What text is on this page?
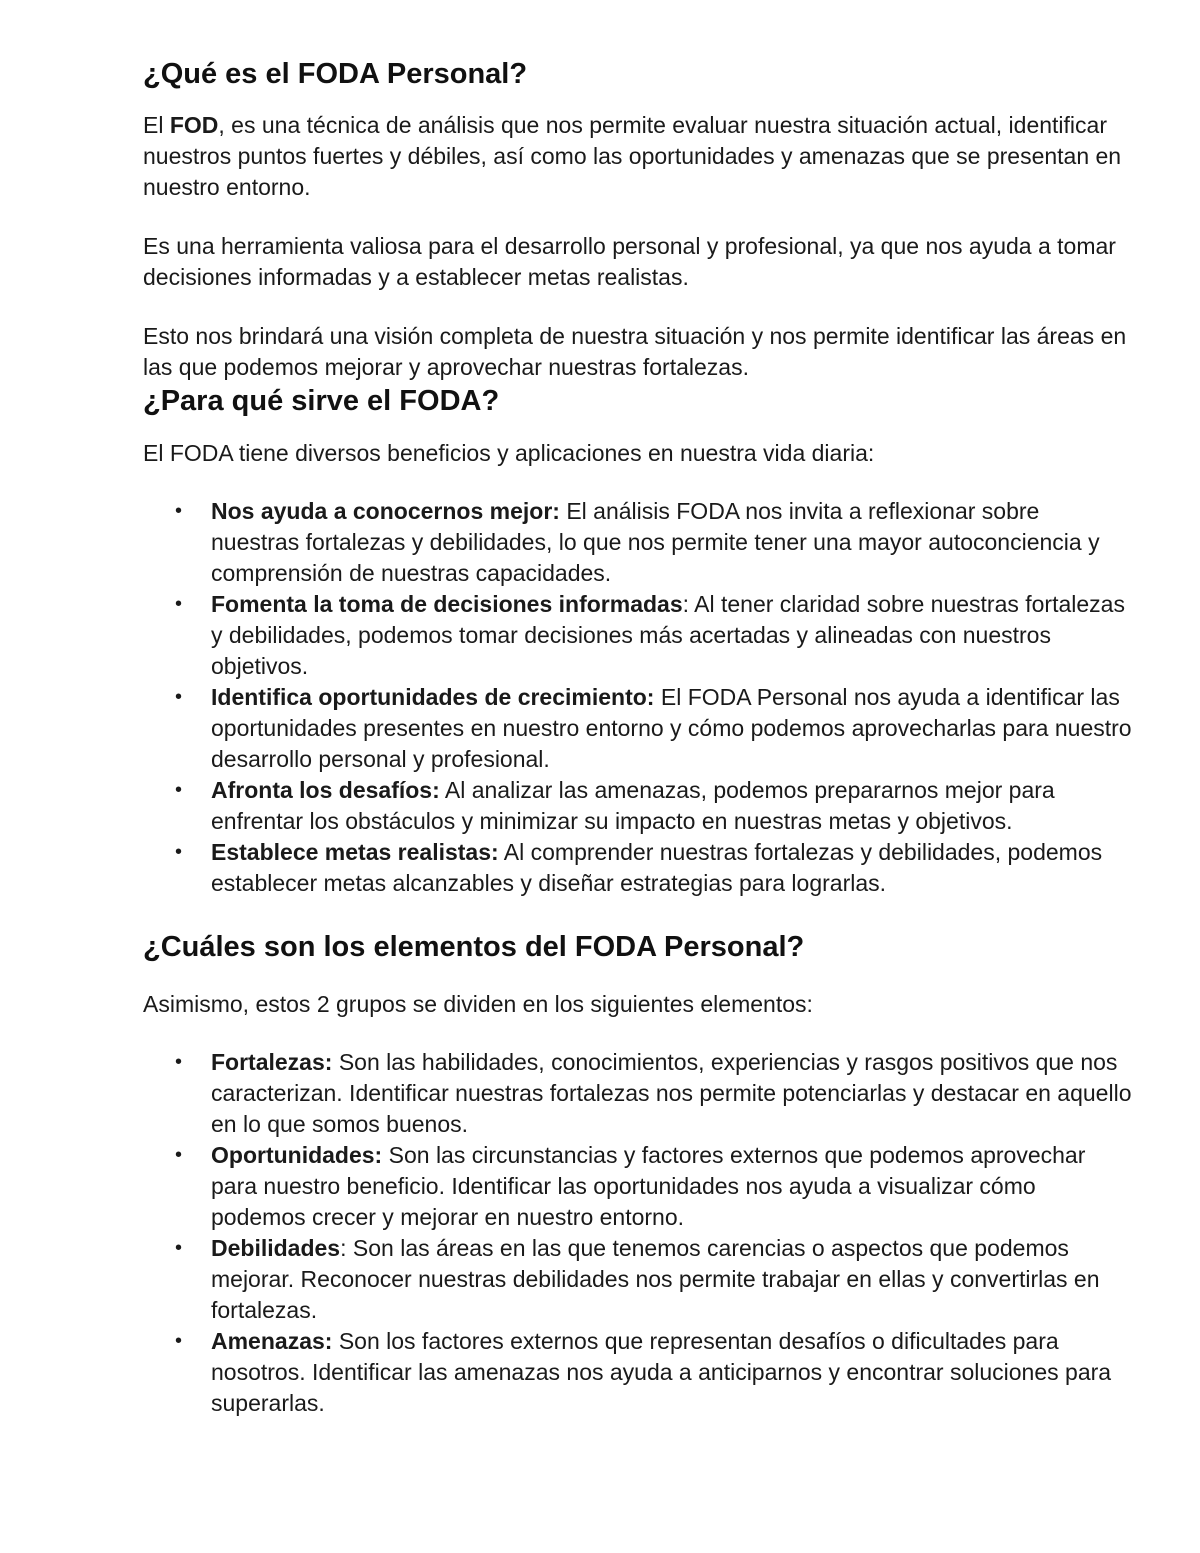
¿Qué es el FODA Personal?

El FOD, es una técnica de análisis que nos permite evaluar nuestra situación actual, identificar nuestros puntos fuertes y débiles, así como las oportunidades y amenazas que se presentan en nuestro entorno.

Es una herramienta valiosa para el desarrollo personal y profesional, ya que nos ayuda a tomar decisiones informadas y a establecer metas realistas.

Esto nos brindará una visión completa de nuestra situación y nos permite identificar las áreas en las que podemos mejorar y aprovechar nuestras fortalezas.

¿Para qué sirve el FODA?

El FODA tiene diversos beneficios y aplicaciones en nuestra vida diaria:

• Nos ayuda a conocernos mejor: El análisis FODA nos invita a reflexionar sobre nuestras fortalezas y debilidades, lo que nos permite tener una mayor autoconciencia y comprensión de nuestras capacidades.
• Fomenta la toma de decisiones informadas: Al tener claridad sobre nuestras fortalezas y debilidades, podemos tomar decisiones más acertadas y alineadas con nuestros objetivos.
• Identifica oportunidades de crecimiento: El FODA Personal nos ayuda a identificar las oportunidades presentes en nuestro entorno y cómo podemos aprovecharlas para nuestro desarrollo personal y profesional.
• Afronta los desafíos: Al analizar las amenazas, podemos prepararnos mejor para enfrentar los obstáculos y minimizar su impacto en nuestras metas y objetivos.
• Establece metas realistas: Al comprender nuestras fortalezas y debilidades, podemos establecer metas alcanzables y diseñar estrategias para lograrlas.
¿Cuáles son los elementos del FODA Personal?

Asimismo, estos 2 grupos se dividen en los siguientes elementos:

• Fortalezas: Son las habilidades, conocimientos, experiencias y rasgos positivos que nos caracterizan. Identificar nuestras fortalezas nos permite potenciarlas y destacar en aquello en lo que somos buenos.
• Oportunidades: Son las circunstancias y factores externos que podemos aprovechar para nuestro beneficio. Identificar las oportunidades nos ayuda a visualizar cómo podemos crecer y mejorar en nuestro entorno.
• Debilidades: Son las áreas en las que tenemos carencias o aspectos que podemos mejorar. Reconocer nuestras debilidades nos permite trabajar en ellas y convertirlas en fortalezas.
• Amenazas: Son los factores externos que representan desafíos o dificultades para nosotros. Identificar las amenazas nos ayuda a anticiparnos y encontrar soluciones para superarlas.
